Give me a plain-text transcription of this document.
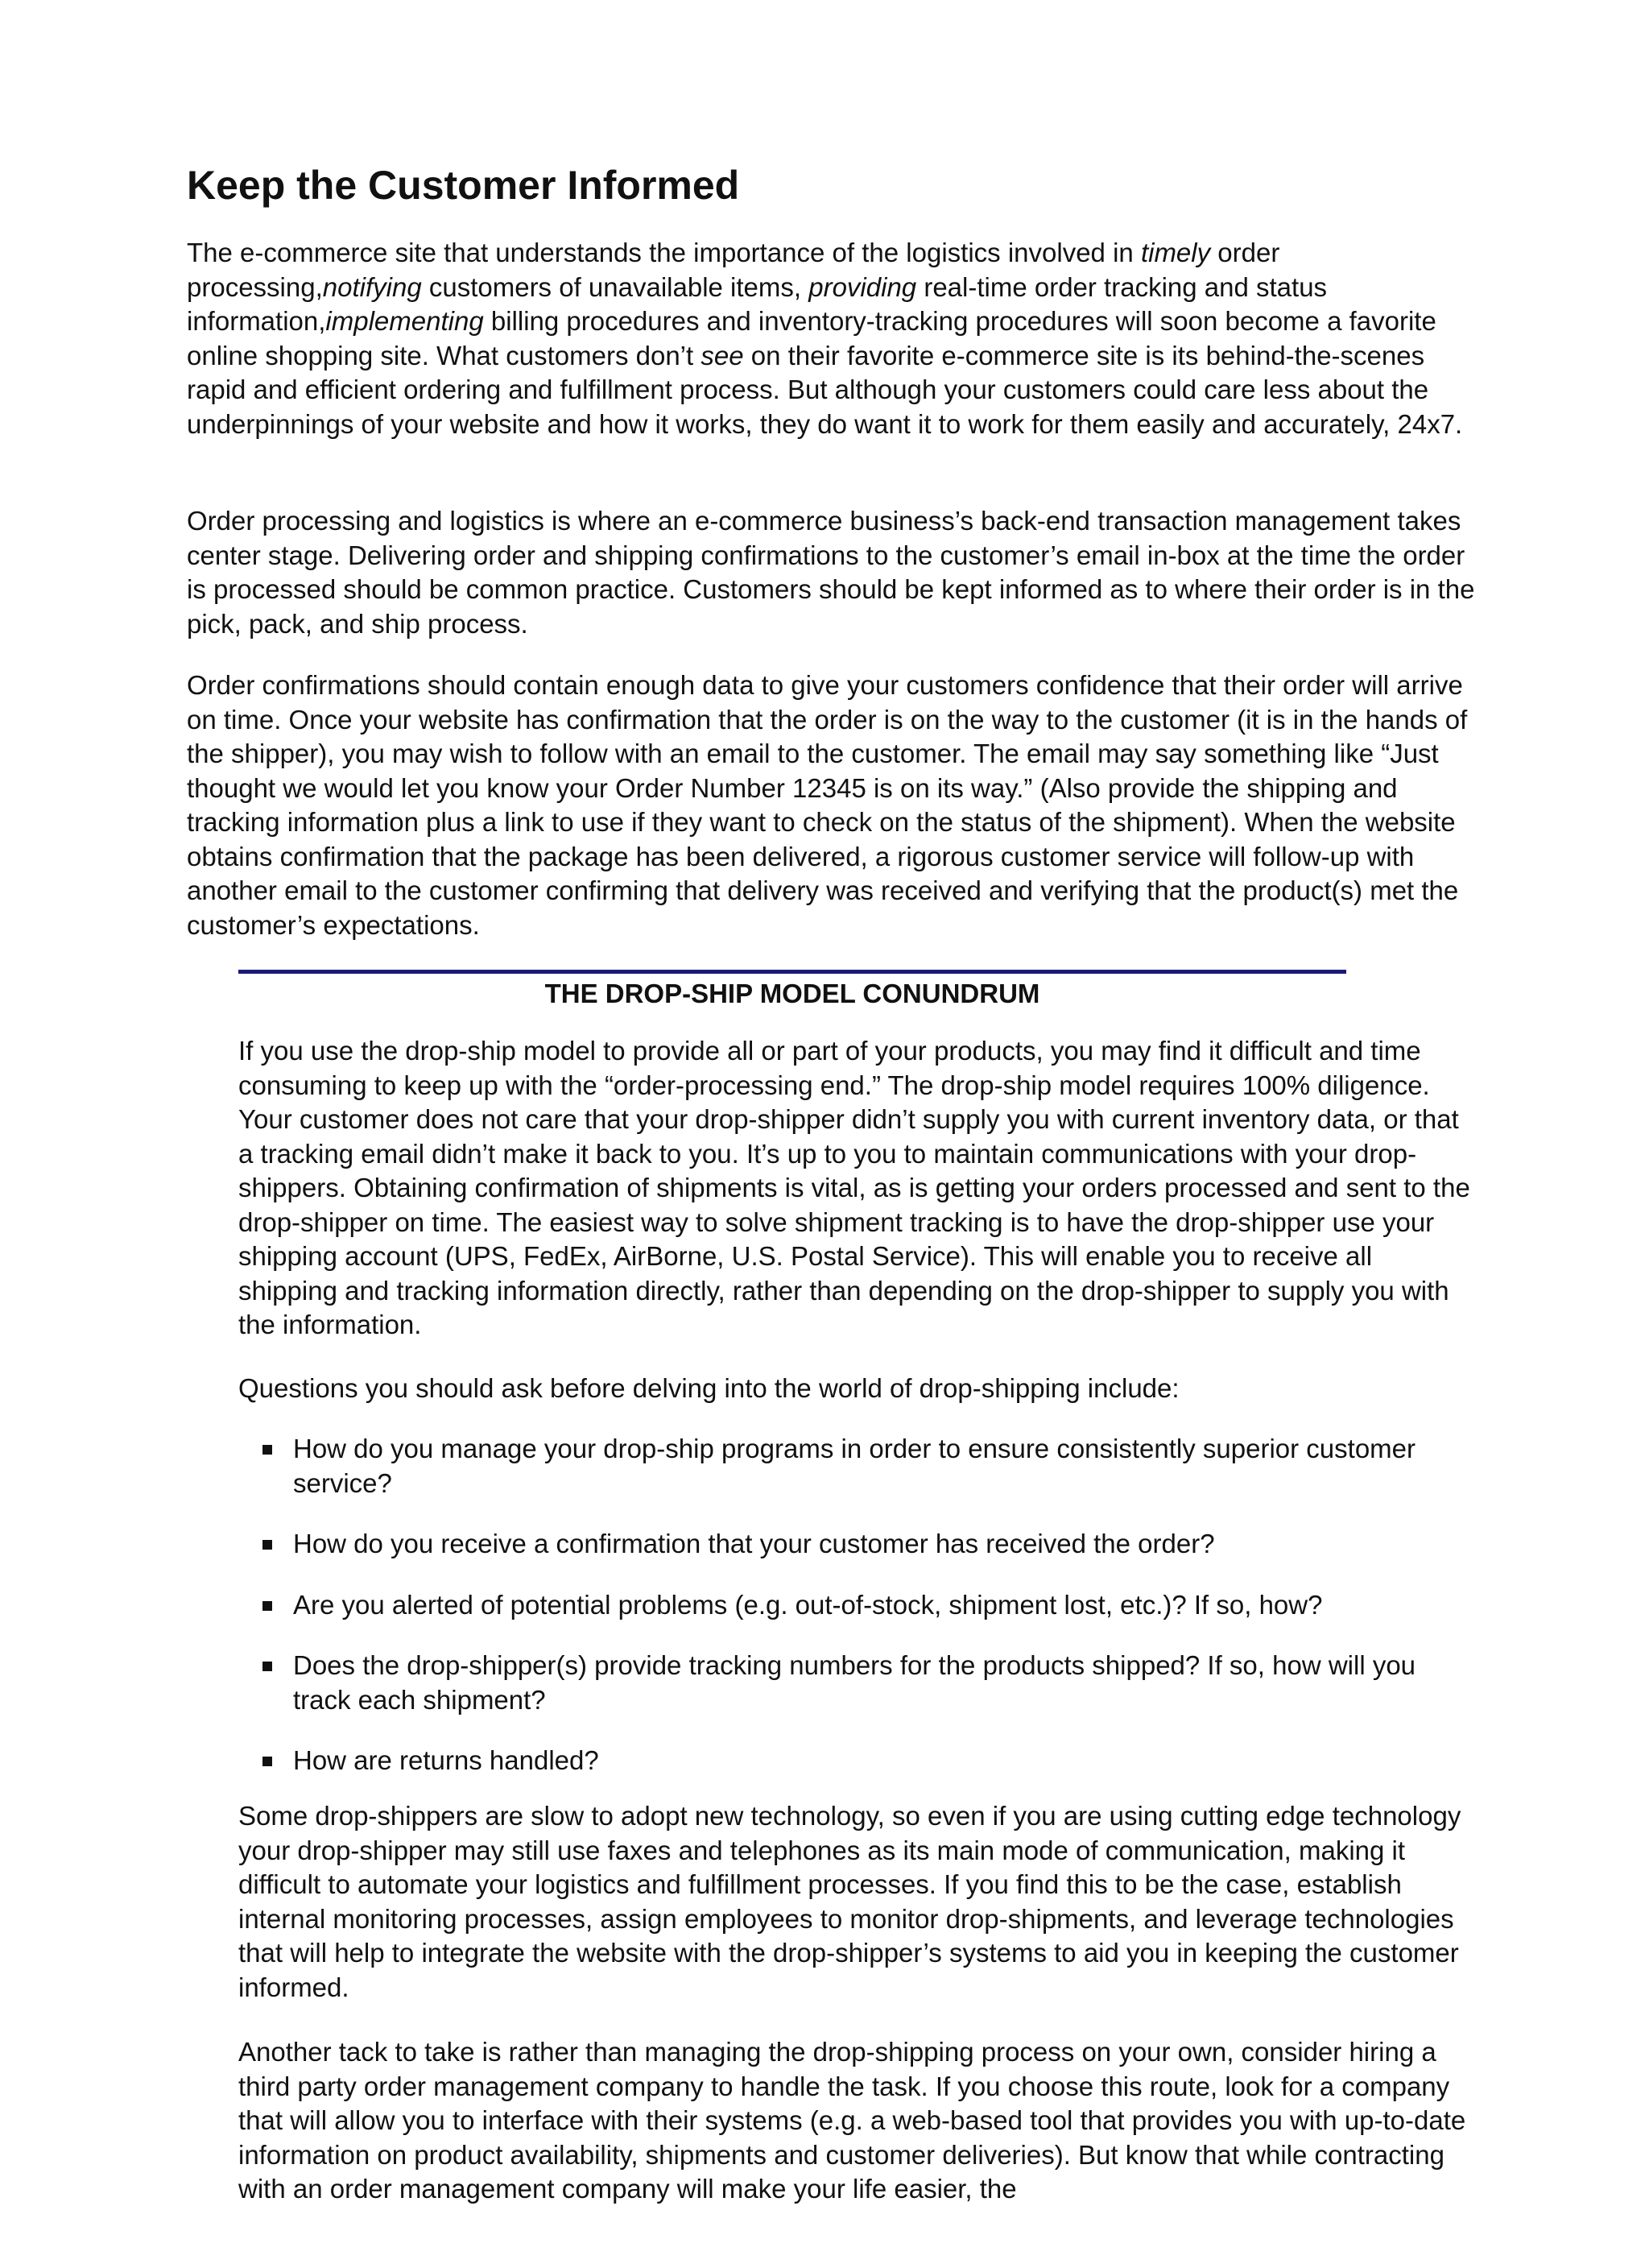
Keep the Customer Informed

The e-commerce site that understands the importance of the logistics involved in timely order processing,notifying customers of unavailable items, providing real-time order tracking and status information,implementing billing procedures and inventory-tracking procedures will soon become a favorite online shopping site. What customers don’t see on their favorite e-commerce site is its behind-the-scenes rapid and efficient ordering and fulfillment process. But although your customers could care less about the underpinnings of your website and how it works, they do want it to work for them easily and accurately, 24x7.

Order processing and logistics is where an e-commerce business’s back-end transaction management takes center stage. Delivering order and shipping confirmations to the customer’s email in-box at the time the order is processed should be common practice. Customers should be kept informed as to where their order is in the pick, pack, and ship process.

Order confirmations should contain enough data to give your customers confidence that their order will arrive on time. Once your website has confirmation that the order is on the way to the customer (it is in the hands of the shipper), you may wish to follow with an email to the customer. The email may say something like “Just thought we would let you know your Order Number 12345 is on its way.” (Also provide the shipping and tracking information plus a link to use if they want to check on the status of the shipment). When the website obtains confirmation that the package has been delivered, a rigorous customer service will follow-up with another email to the customer confirming that delivery was received and verifying that the product(s) met the customer’s expectations.

THE DROP-SHIP MODEL CONUNDRUM

If you use the drop-ship model to provide all or part of your products, you may find it difficult and time consuming to keep up with the “order-processing end.” The drop-ship model requires 100% diligence. Your customer does not care that your drop-shipper didn’t supply you with current inventory data, or that a tracking email didn’t make it back to you. It’s up to you to maintain communications with your drop-shippers. Obtaining confirmation of shipments is vital, as is getting your orders processed and sent to the drop-shipper on time. The easiest way to solve shipment tracking is to have the drop-shipper use your shipping account (UPS, FedEx, AirBorne, U.S. Postal Service). This will enable you to receive all shipping and tracking information directly, rather than depending on the drop-shipper to supply you with the information.

Questions you should ask before delving into the world of drop-shipping include:

How do you manage your drop-ship programs in order to ensure consistently superior customer service?
How do you receive a confirmation that your customer has received the order?
Are you alerted of potential problems (e.g. out-of-stock, shipment lost, etc.)? If so, how?
Does the drop-shipper(s) provide tracking numbers for the products shipped? If so, how will you track each shipment?
How are returns handled?

Some drop-shippers are slow to adopt new technology, so even if you are using cutting edge technology your drop-shipper may still use faxes and telephones as its main mode of communication, making it difficult to automate your logistics and fulfillment processes. If you find this to be the case, establish internal monitoring processes, assign employees to monitor drop-shipments, and leverage technologies that will help to integrate the website with the drop-shipper’s systems to aid you in keeping the customer informed.

Another tack to take is rather than managing the drop-shipping process on your own, consider hiring a third party order management company to handle the task. If you choose this route, look for a company that will allow you to interface with their systems (e.g. a web-based tool that provides you with up-to-date information on product availability, shipments and customer deliveries). But know that while contracting with an order management company will make your life easier, the
